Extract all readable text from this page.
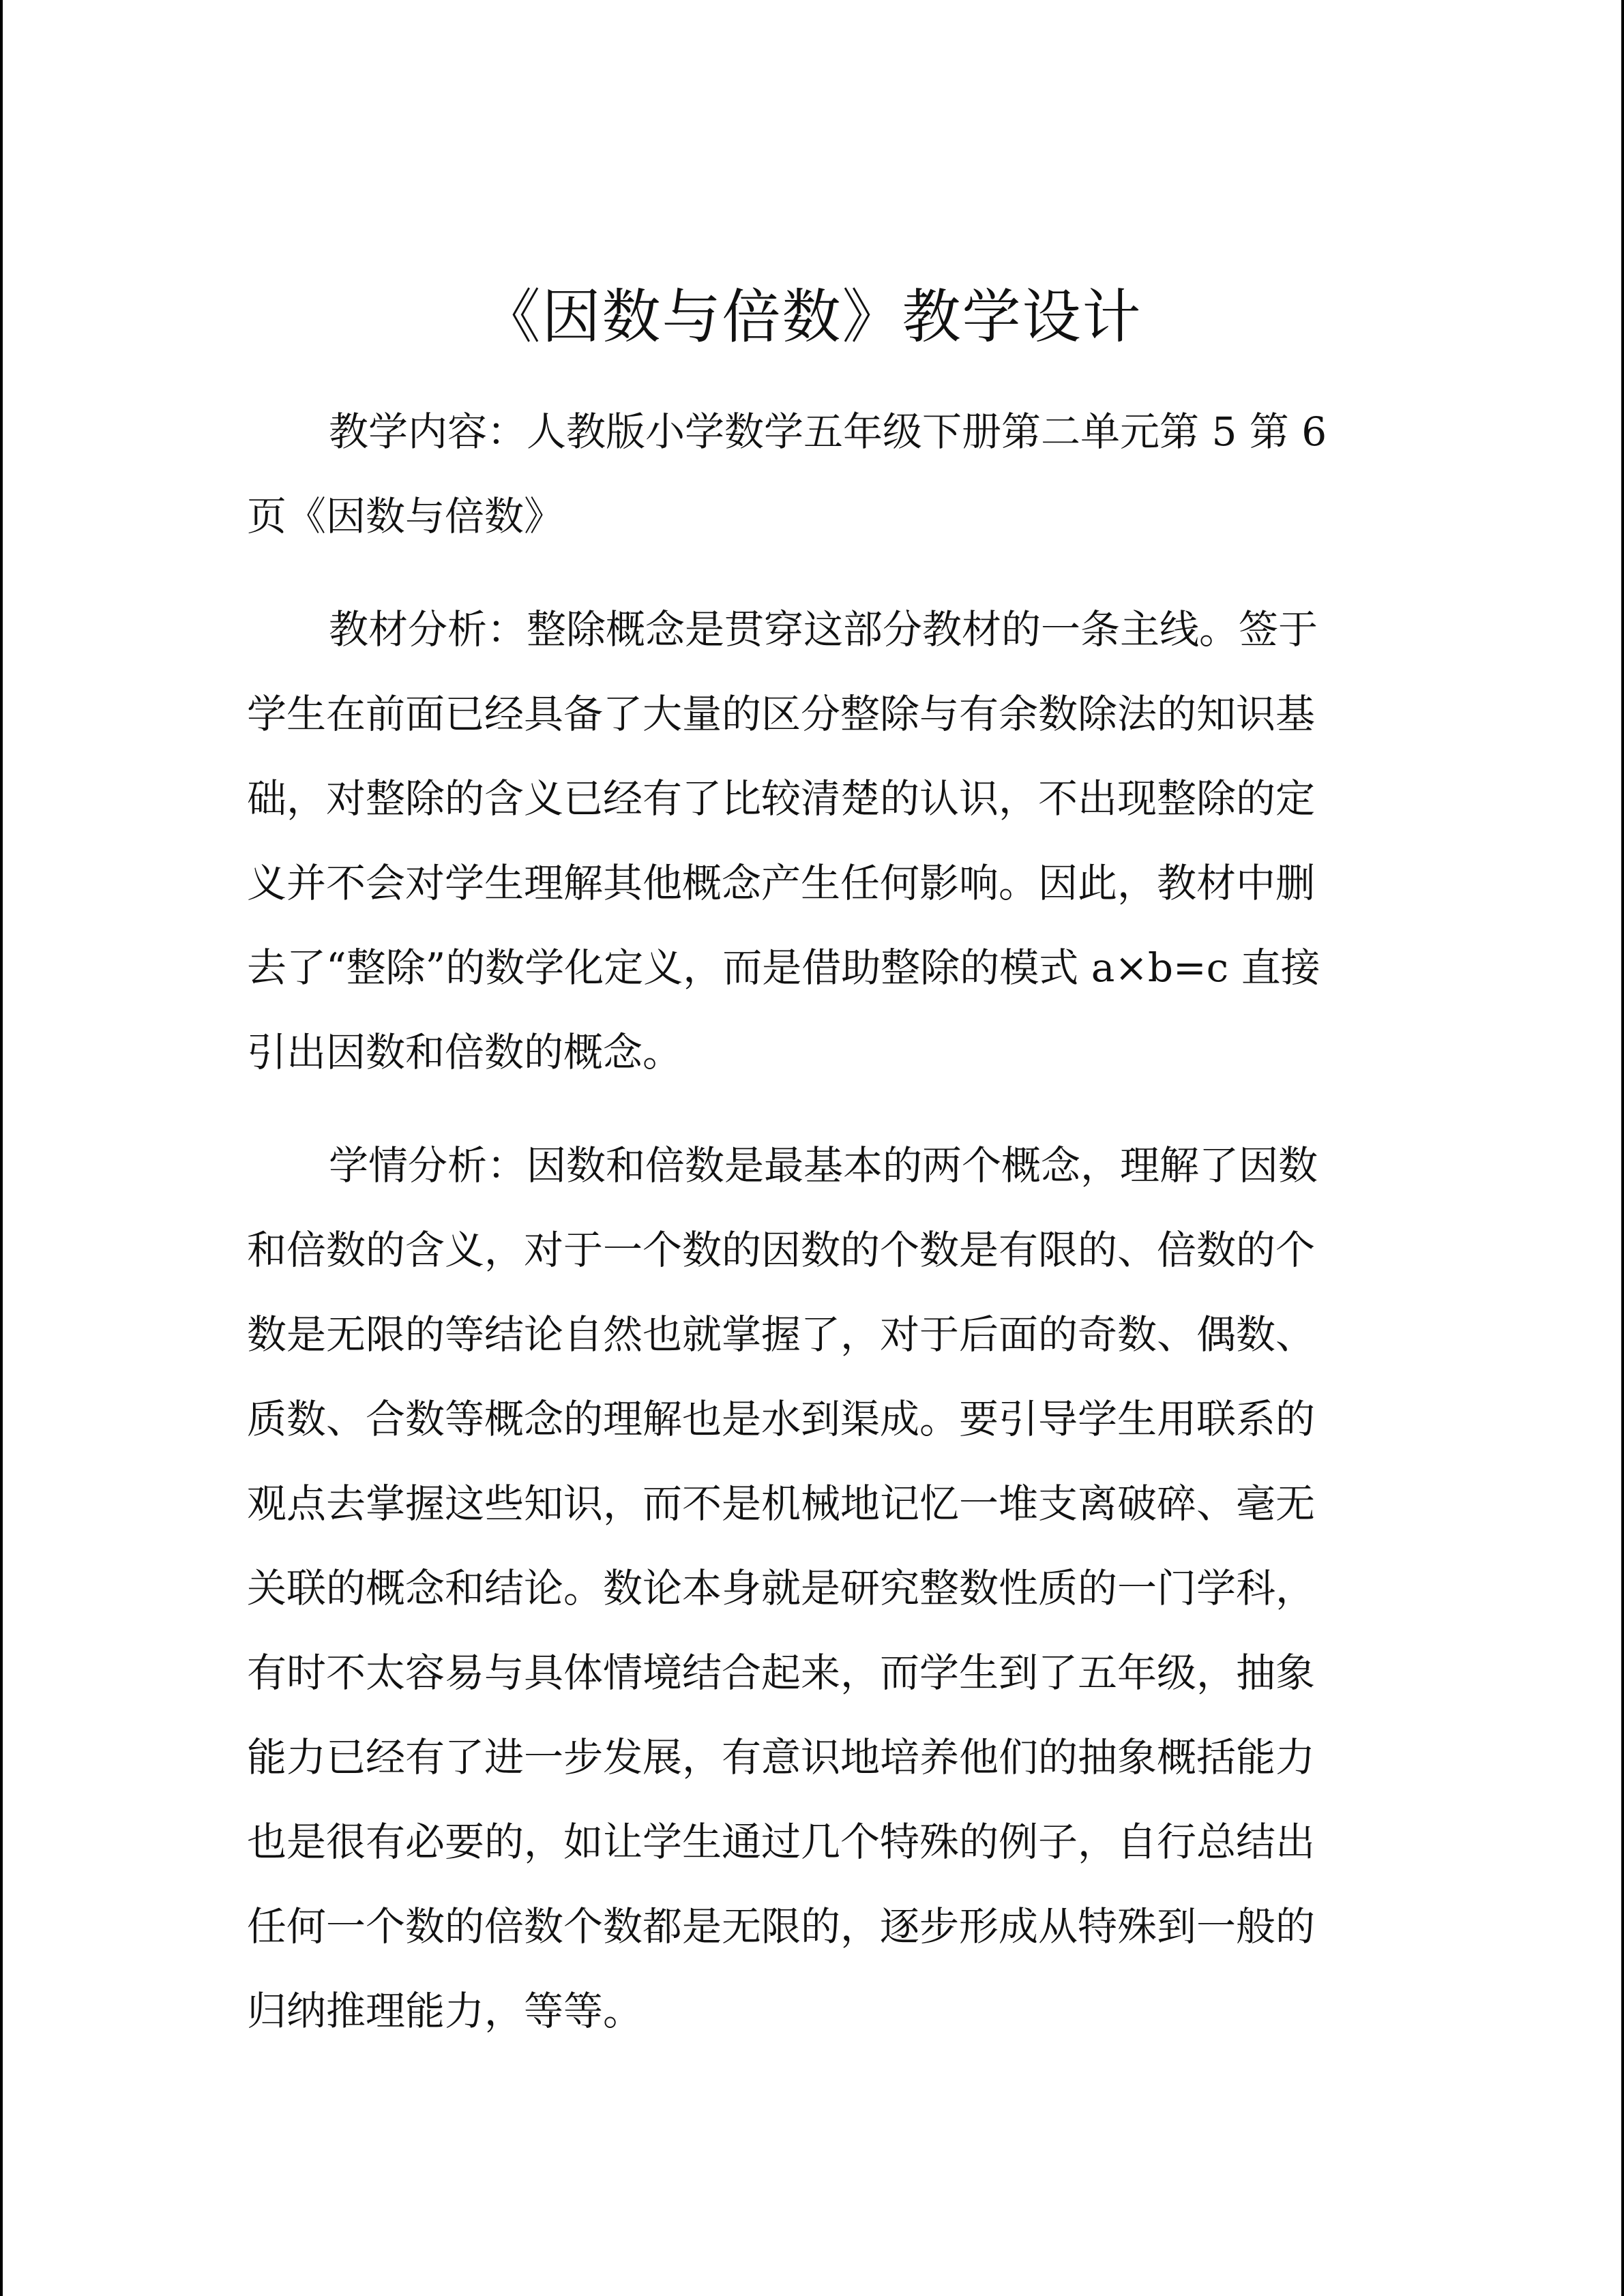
《因数与倍数》教学设计

教学内容：人教版小学数学五年级下册第二单元第 5 第 6

页《因数与倍数》

教材分析：整除概念是贯穿这部分教材的一条主线。签于

学生在前面已经具备了大量的区分整除与有余数除法的知识基

础，对整除的含义已经有了比较清楚的认识，不出现整除的定

义并不会对学生理解其他概念产生任何影响。因此，教材中删

去了“整除”的数学化定义，而是借助整除的模式 a×b=c 直接

引出因数和倍数的概念。

学情分析：因数和倍数是最基本的两个概念，理解了因数

和倍数的含义，对于一个数的因数的个数是有限的、倍数的个

数是无限的等结论自然也就掌握了，对于后面的奇数、偶数、

质数、合数等概念的理解也是水到渠成。要引导学生用联系的

观点去掌握这些知识，而不是机械地记忆一堆支离破碎、毫无

关联的概念和结论。数论本身就是研究整数性质的一门学科，

有时不太容易与具体情境结合起来，而学生到了五年级，抽象

能力已经有了进一步发展，有意识地培养他们的抽象概括能力

也是很有必要的，如让学生通过几个特殊的例子，自行总结出

任何一个数的倍数个数都是无限的，逐步形成从特殊到一般的

归纳推理能力，等等。
